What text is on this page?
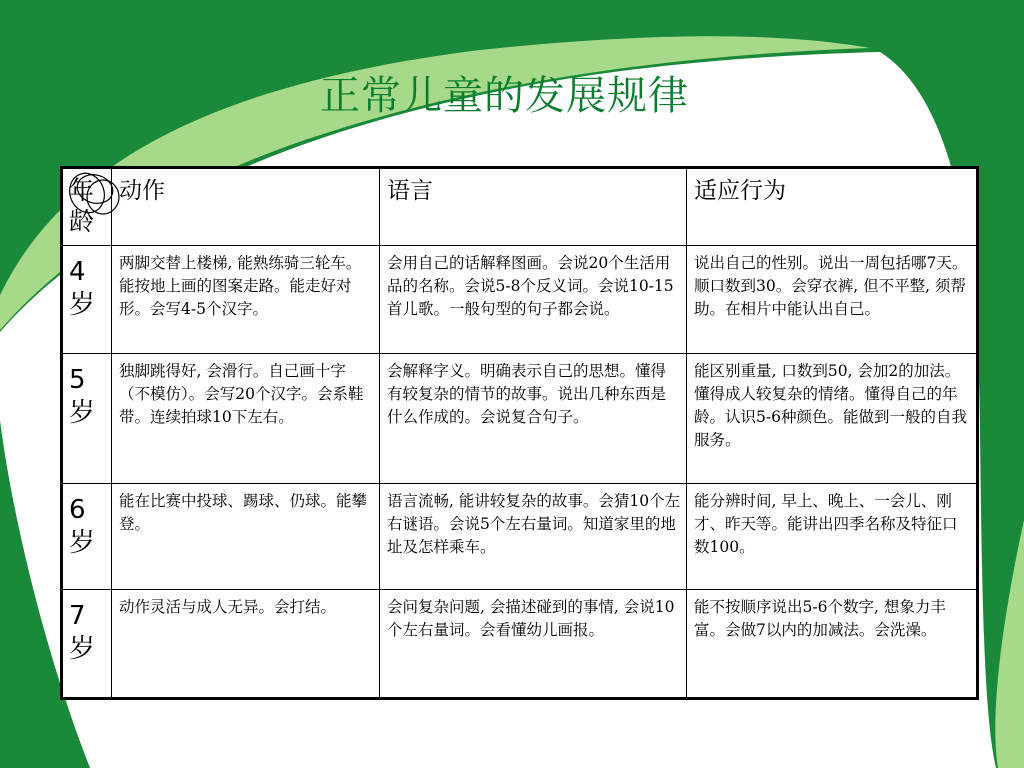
正常儿童的发展规律
年龄	动作	语言	适应行为
4岁	两脚交替上楼梯, 能熟练骑三轮车。能按地上画的图案走路。能走好对形。会写4-5个汉字。	会用自己的话解释图画。会说20个生活用品的名称。会说5-8个反义词。会说10-15首儿歌。一般句型的句子都会说。	说出自己的性别。说出一周包括哪7天。顺口数到30。会穿衣裤, 但不平整, 须帮助。在相片中能认出自己。
5岁	独脚跳得好, 会滑行。自己画十字（不模仿）。会写20个汉字。会系鞋带。连续拍球10下左右。	会解释字义。明确表示自己的思想。懂得有较复杂的情节的故事。说出几种东西是什么作成的。会说复合句子。	能区别重量, 口数到50, 会加2的加法。懂得成人较复杂的情绪。懂得自己的年龄。认识5-6种颜色。能做到一般的自我服务。
6岁	能在比赛中投球、踢球、仍球。能攀登。	语言流畅, 能讲较复杂的故事。会猜10个左右谜语。会说5个左右量词。知道家里的地址及怎样乘车。	能分辨时间, 早上、晚上、一会儿、刚才、昨天等。能讲出四季名称及特征口数100。
7岁	动作灵活与成人无异。会打结。	会问复杂问题, 会描述碰到的事情, 会说10个左右量词。会看懂幼儿画报。	能不按顺序说出5-6个数字, 想象力丰富。会做7以内的加减法。会洗澡。
